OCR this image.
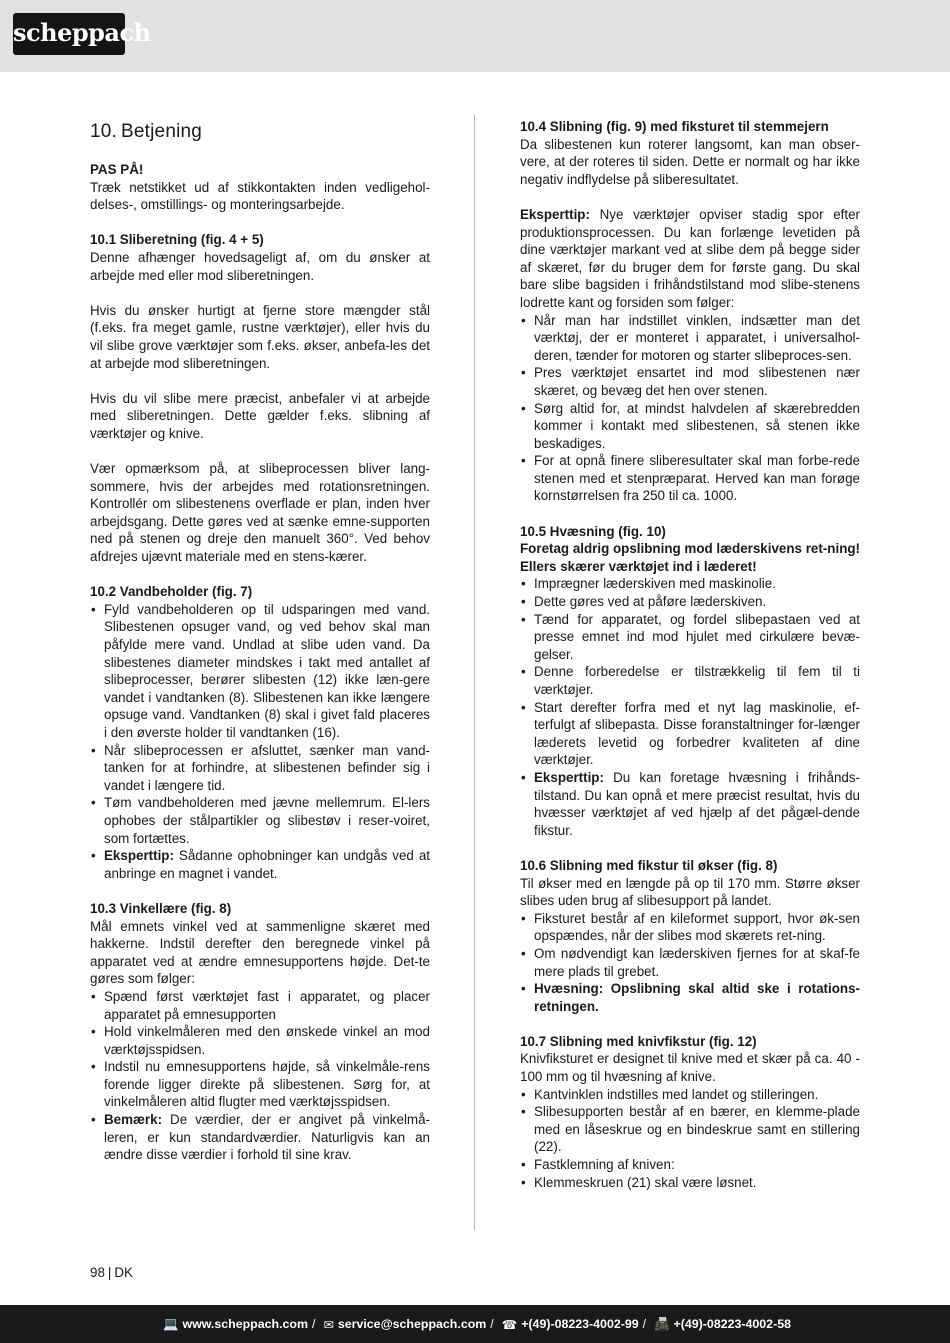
scheppach
10. Betjening
PAS PÅ!

Træk netstikket ud af stikkontakten inden vedligehol-delses-, omstillings- og monteringsarbejde.

10.1 Sliberetning (fig. 4 + 5)

Denne afhænger hovedsageligt af, om du ønsker at arbejde med eller mod sliberetningen.

Hvis du ønsker hurtigt at fjerne store mængder stål (f.eks. fra meget gamle, rustne værktøjer), eller hvis du vil slibe grove værktøjer som f.eks. økser, anbefa-les det at arbejde mod sliberetningen.

Hvis du vil slibe mere præcist, anbefaler vi at arbejde med sliberetningen. Dette gælder f.eks. slibning af værktøjer og knive.

Vær opmærksom på, at slibeprocessen bliver lang-sommere, hvis der arbejdes med rotationsretningen. Kontrollér om slibestenens overflade er plan, inden hver arbejdsgang. Dette gøres ved at sænke emne-supporten ned på stenen og dreje den manuelt 360°. Ved behov afdrejes ujævnt materiale med en stens-kærer.

10.2 Vandbeholder (fig. 7)
• Fyld vandbeholderen op til udsparingen med vand. Slibestenen opsuger vand, og ved behov skal man påfylde mere vand. Undlad at slibe uden vand. Da slibestenes diameter mindskes i takt med antallet af slibeprocesser, berører slibesten (12) ikke læn-gere vandet i vandtanken (8). Slibestenen kan ikke længere opsuge vand. Vandtanken (8) skal i givet fald placeres i den øverste holder til vandtanken (16).
• Når slibeprocessen er afsluttet, sænker man vand-tanken for at forhindre, at slibestenen befinder sig i vandet i længere tid.
• Tøm vandbeholderen med jævne mellemrum. El-lers ophobes der stålpartikler og slibestøv i reser-voiret, som fortættes.
• Eksperttip: Sådanne ophobninger kan undgås ved at anbringe en magnet i vandet.
10.3 Vinkellære (fig. 8)

Mål emnets vinkel ved at sammenligne skæret med hakkerne. Indstil derefter den beregnede vinkel på apparatet ved at ændre emnesupportens højde. Det-te gøres som følger:

• Spænd først værktøjet fast i apparatet, og placer apparatet på emnesupporten
• Hold vinkelmåleren med den ønskede vinkel an mod værktøjsspidsen.
• Indstil nu emnesupportens højde, så vinkelmåle-rens forende ligger direkte på slibestenen. Sørg for, at vinkelmåleren altid flugter med værktøjsspidsen.
• Bemærk: De værdier, der er angivet på vinkelmå-leren, er kun standardværdier. Naturligvis kan an ændre disse værdier i forhold til sine krav.
10.4 Slibning (fig. 9) med fiksturet til stemmejern

Da slibestenen kun roterer langsomt, kan man obser-vere, at der roteres til siden. Dette er normalt og har ikke negativ indflydelse på sliberesultatet.

Eksperttip: Nye værktøjer opviser stadig spor efter produktionsprocessen. Du kan forlænge levetiden på dine værktøjer markant ved at slibe dem på begge sider af skæret, før du bruger dem for første gang. Du skal bare slibe bagsiden i frihåndstilstand mod slibe-stenens lodrette kant og forsiden som følger:

• Når man har indstillet vinklen, indsætter man det værktøj, der er monteret i apparatet, i universalhol-deren, tænder for motoren og starter slibeproces-sen.
• Pres værktøjet ensartet ind mod slibestenen nær skæret, og bevæg det hen over stenen.
• Sørg altid for, at mindst halvdelen af skærebredden kommer i kontakt med slibestenen, så stenen ikke beskadiges.
• For at opnå finere sliberesultater skal man forbe-rede stenen med et stenpræparat. Herved kan man forøge kornstørrelsen fra 250 til ca. 1000.
10.5 Hvæsning (fig. 10)

Foretag aldrig opslibning mod læderskivens ret-ning! Ellers skærer værktøjet ind i læderet!

• Imprægner læderskiven med maskinolie.
• Dette gøres ved at påføre læderskiven.
• Tænd for apparatet, og fordel slibepastaen ved at presse emnet ind mod hjulet med cirkulære bevæ-gelser.
• Denne forberedelse er tilstrækkelig til fem til ti værktøjer.
• Start derefter forfra med et nyt lag maskinolie, ef-terfulgt af slibepasta. Disse foranstaltninger for-længer læderets levetid og forbedrer kvaliteten af dine værktøjer.
• Eksperttip: Du kan foretage hvæsning i frihånds-tilstand. Du kan opnå et mere præcist resultat, hvis du hvæsser værktøjet af ved hjælp af det pågæl-dende fikstur.
10.6 Slibning med fikstur til økser (fig. 8)

Til økser med en længde på op til 170 mm. Større økser slibes uden brug af slibesupport på landet.

• Fiksturet består af en kileformet support, hvor øk-sen opspændes, når der slibes mod skærets ret-ning.
• Om nødvendigt kan læderskiven fjernes for at skaf-fe mere plads til grebet.
• Hvæsning: Opslibning skal altid ske i rotations-retningen.
10.7 Slibning med knivfikstur (fig. 12)

Knivfiksturet er designet til knive med et skær på ca. 40 - 100 mm og til hvæsning af knive.

• Kantvinklen indstilles med landet og stilleringen.
• Slibesupporten består af en bærer, en klemme-plade med en låseskrue og en bindeskrue samt en stillering (22).
• Fastklemning af kniven:
• Klemmeskruen (21) skal være løsnet.
98 | DK
💻 www.scheppach.com / ✉ service@scheppach.com / ☎ +(49)-08223-4002-99 / 📠 +(49)-08223-4002-58
